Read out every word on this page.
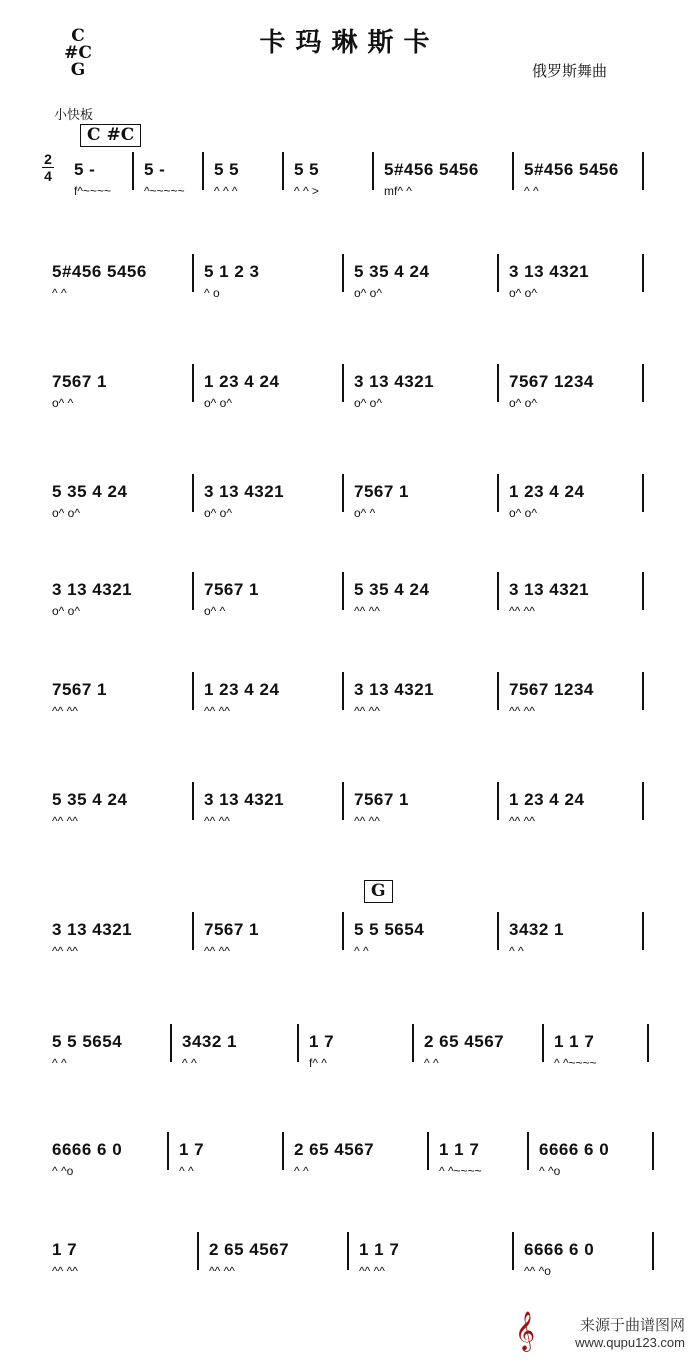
C
#C
G
卡玛琳斯卡
俄罗斯舞曲
小快板
C #C
2
4
G
5 -
f^~~~~
5 -
^~~~~~
5 5
^ ^ ^
5 5
^ ^ >
5#456 5456
mf^ ^
5#456 5456
^ ^
5#456 5456
^ ^
5 1 2 3
^ o
5 35 4 24
o^ o^
3 13 4321
o^ o^
7567 1
o^ ^
1 23 4 24
o^ o^
3 13 4321
o^ o^
7567 1234
o^ o^
5 35 4 24
o^ o^
3 13 4321
o^ o^
7567 1
o^ ^
1 23 4 24
o^ o^
3 13 4321
o^ o^
7567 1
o^ ^
5 35 4 24
^^ ^^
3 13 4321
^^ ^^
7567 1
^^ ^^
1 23 4 24
^^ ^^
3 13 4321
^^ ^^
7567 1234
^^ ^^
5 35 4 24
^^ ^^
3 13 4321
^^ ^^
7567 1
^^ ^^
1 23 4 24
^^ ^^
3 13 4321
^^ ^^
7567 1
^^ ^^
5 5 5654
^ ^
3432 1
^ ^
5 5 5654
^ ^
3432 1
^ ^
1 7
f^ ^
2 65 4567
^ ^
1 1 7
^ ^~~~~
6666 6 0
^ ^o
1 7
^ ^
2 65 4567
^ ^
1 1 7
^ ^~~~~
6666 6 0
^ ^o
1 7
^^ ^^
2 65 4567
^^ ^^
1 1 7
^^ ^^
6666 6 0
^^ ^o
𝄞	来源于曲谱图网
www.qupu123.com
